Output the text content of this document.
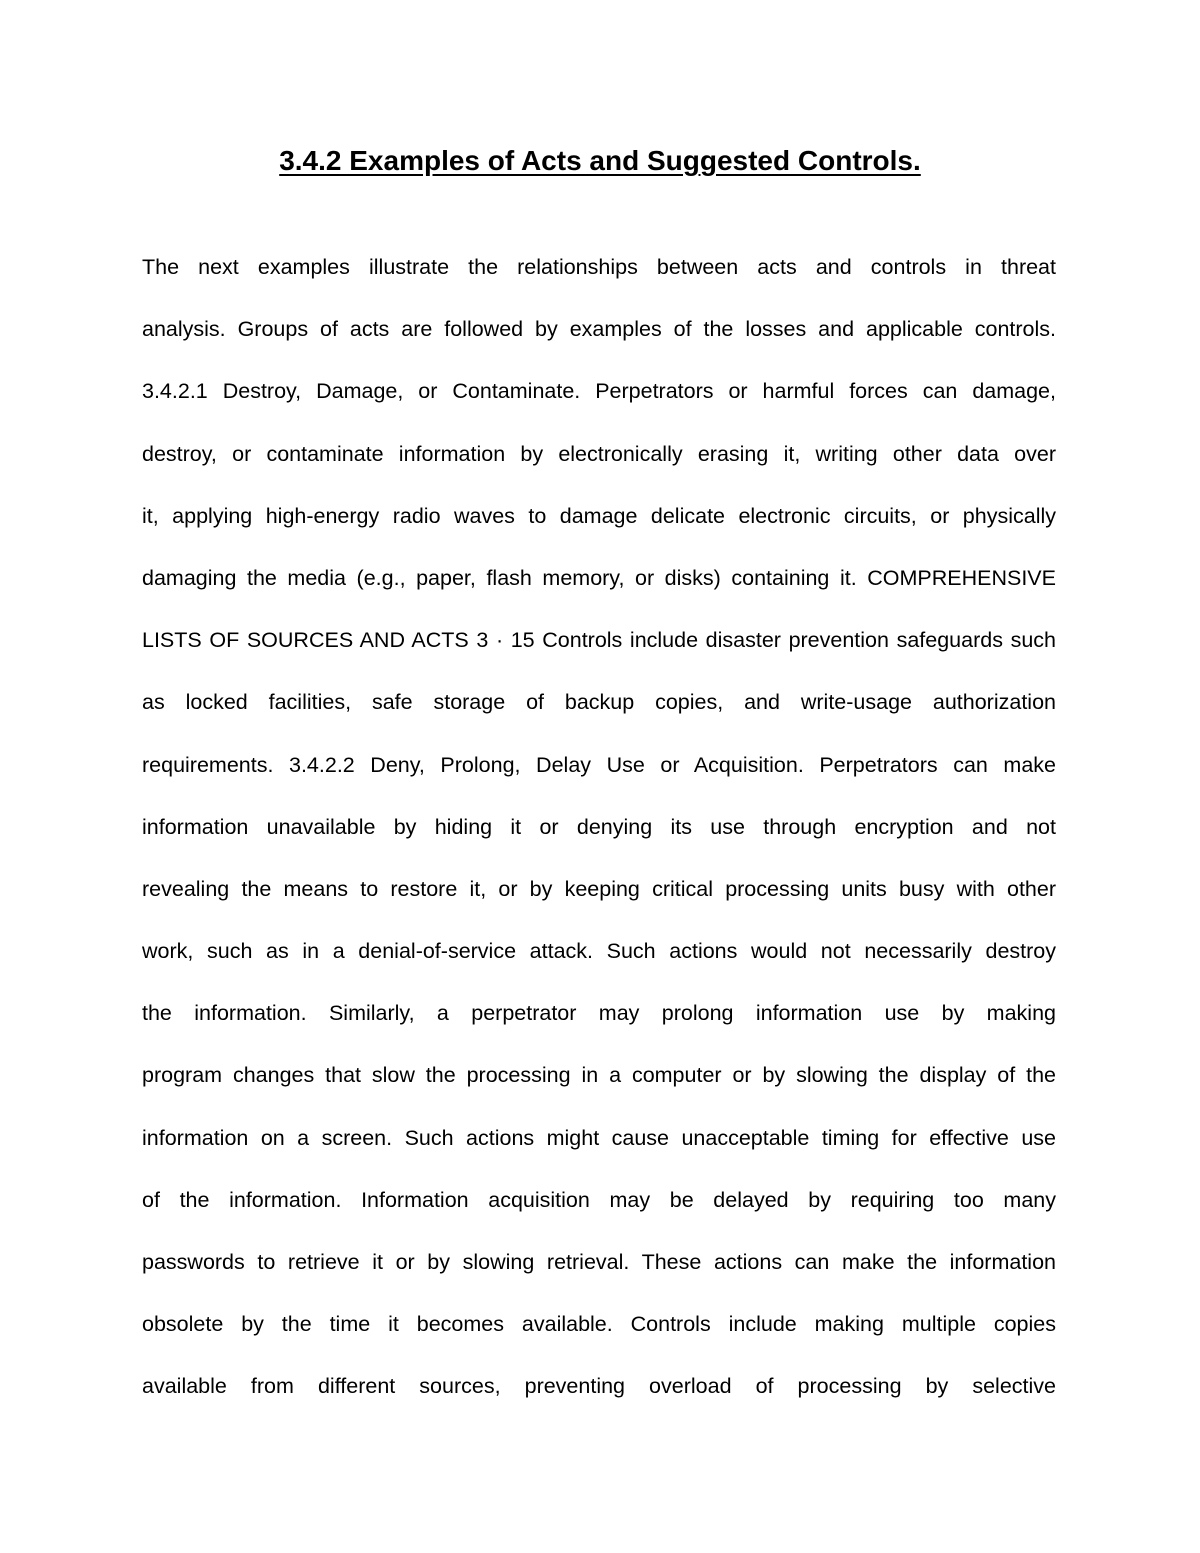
3.4.2 Examples of Acts and Suggested Controls.
The next examples illustrate the relationships between acts and controls in threat
analysis. Groups of acts are followed by examples of the losses and applicable controls.
3.4.2.1 Destroy, Damage, or Contaminate. Perpetrators or harmful forces can damage,
destroy, or contaminate information by electronically erasing it, writing other data over
it, applying high-energy radio waves to damage delicate electronic circuits, or physically
damaging the media (e.g., paper, flash memory, or disks) containing it. COMPREHENSIVE
LISTS OF SOURCES AND ACTS 3 · 15 Controls include disaster prevention safeguards such
as locked facilities, safe storage of backup copies, and write-usage authorization
requirements. 3.4.2.2 Deny, Prolong, Delay Use or Acquisition. Perpetrators can make
information unavailable by hiding it or denying its use through encryption and not
revealing the means to restore it, or by keeping critical processing units busy with other
work, such as in a denial-of-service attack. Such actions would not necessarily destroy
the information. Similarly, a perpetrator may prolong information use by making
program changes that slow the processing in a computer or by slowing the display of the
information on a screen. Such actions might cause unacceptable timing for effective use
of the information. Information acquisition may be delayed by requiring too many
passwords to retrieve it or by slowing retrieval. These actions can make the information
obsolete by the time it becomes available. Controls include making multiple copies
available from different sources, preventing overload of processing by selective
